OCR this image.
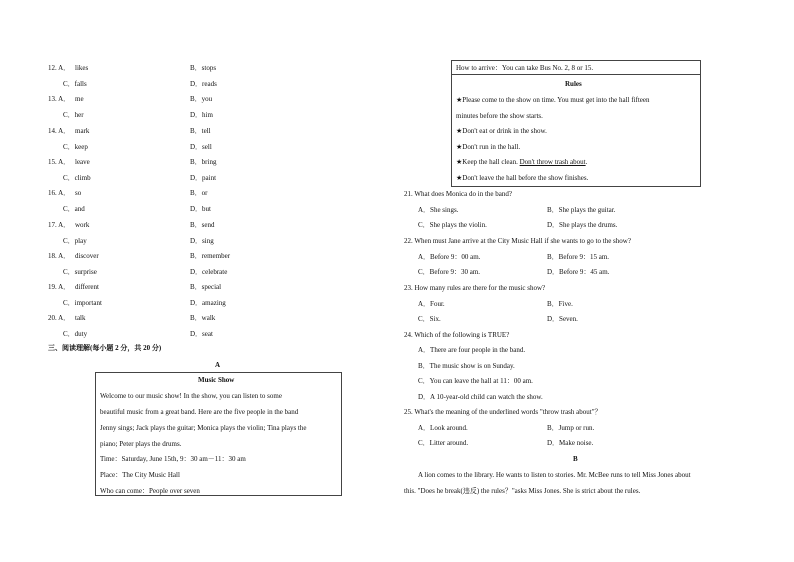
12. A． likes	B．stops
C．falls	D．reads
13. A． me	B．you
C．her	D．him
14. A． mark	B．tell
C．keep	D．sell
15. A． leave	B．bring
C．climb	D．paint
16. A． so	B．or
C．and	D．but
17. A． work	B．send
C．play	D．sing
18. A． discover	B．remember
C．surprise	D．celebrate
19. A． different	B．special
C．important	D．amazing
20. A． talk	B．walk
C．duty	D．seat
三、阅读理解(每小题 2 分，共 20 分)
A
Music Show
Welcome to our music show! In the show, you can listen to some
beautiful music from a great band. Here are the five people in the band
Jenny sings; Jack plays the guitar; Monica plays the violin; Tina plays the
piano; Peter plays the drums.
Time：Saturday, June 15th, 9：30 am－11：30 am
Place：The City Music Hall
Who can come：People over seven
How to arrive：You can take Bus No. 2, 8 or 15.
Rules
★Please come to the show on time. You must get into the hall fifteen
minutes before the show starts.
★Don't eat or drink in the show.
★Don't run in the hall.
★Keep the hall clean. Don't throw trash about.
★Don't leave the hall before the show finishes.
21. What does Monica do in the band?
A．She sings.	B．She plays the guitar.
C．She plays the violin.	D．She plays the drums.
22. When must Jane arrive at the City Music Hall if she wants to go to the show?
A．Before 9：00 am.	B．Before 9：15 am.
C．Before 9：30 am.	D．Before 9：45 am.
23. How many rules are there for the music show?
A．Four.	B．Five.
C．Six.	D．Seven.
24. Which of the following is TRUE?
A．There are four people in the band.
B．The music show is on Sunday.
C．You can leave the hall at 11：00 am.
D．A 10-year-old child can watch the show.
25. What's the meaning of the underlined words "throw trash about"？
A．Look around.	B．Jump or run.
C．Litter around.	D．Make noise.
B
A lion comes to the library. He wants to listen to stories. Mr. McBee runs to tell Miss Jones about
this. "Does he break(违反) the rules？"asks Miss Jones. She is strict about the rules.
